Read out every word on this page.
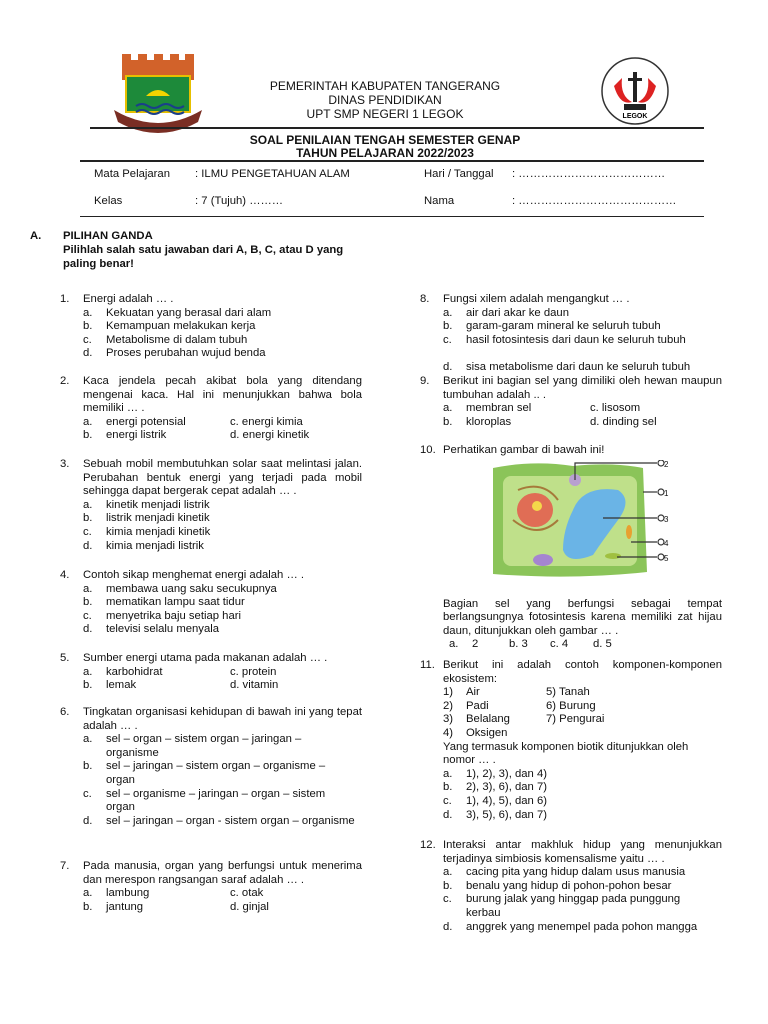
LEGOK
PEMERINTAH KABUPATEN TANGERANG
DINAS PENDIDIKAN
UPT SMP NEGERI 1 LEGOK
SOAL PENILAIAN TENGAH SEMESTER GENAP
TAHUN PELAJARAN 2022/2023
Mata Pelajaran : ILMU PENGETAHUAN ALAM	Hari / Tanggal : …………………………………
Kelas	: 7 (Tujuh) ………	Nama	: ……………………………………
A. PILIHAN GANDA
Pilihlah salah satu jawaban dari A, B, C, atau D yang paling benar!
1. Energi adalah … .
a. Kekuatan yang berasal dari alam
b. Kemampuan melakukan kerja
c. Metabolisme di dalam tubuh
d. Proses perubahan wujud benda
2. Kaca jendela pecah akibat bola yang ditendang mengenai kaca. Hal ini menunjukkan bahwa bola memiliki … .
a. energi potensial	c. energi kimia
b. energi listrik	d. energi kinetik
3. Sebuah mobil membutuhkan solar saat melintasi jalan. Perubahan bentuk energi yang terjadi pada mobil sehingga dapat bergerak cepat adalah … .
a. kinetik menjadi listrik
b. listrik menjadi kinetik
c. kimia menjadi kinetik
d. kimia menjadi listrik
4. Contoh sikap menghemat energi adalah … .
a. membawa uang saku secukupnya
b. mematikan lampu saat tidur
c. menyetrika baju setiap hari
d. televisi selalu menyala
5. Sumber energi utama pada makanan adalah … .
a. karbohidrat	c. protein
b. lemak	d. vitamin
6. Tingkatan organisasi kehidupan di bawah ini yang tepat adalah … .
a. sel – organ – sistem organ – jaringan – organisme
b. sel – jaringan – sistem organ – organisme – organ
c. sel – organisme – jaringan – organ – sistem organ
d. sel – jaringan – organ - sistem organ – organisme
7. Pada manusia, organ yang berfungsi untuk menerima dan merespon rangsangan saraf adalah … .
a. lambung	c. otak
b. jantung	d. ginjal
8. Fungsi xilem adalah mengangkut … .
a. air dari akar ke daun
b. garam-garam mineral ke seluruh tubuh
c. hasil fotosintesis dari daun ke seluruh tubuh
d. sisa metabolisme dari daun ke seluruh tubuh
9. Berikut ini bagian sel yang dimiliki oleh hewan maupun tumbuhan adalah .. .
a. membran sel	c. lisosom
b. kloroplas	d. dinding sel
10. Perhatikan gambar di bawah ini!
2
1
3
4
5
Bagian sel yang berfungsi sebagai tempat berlangsungnya fotosintesis karena memiliki zat hijau daun, ditunjukkan oleh gambar … .
a. 2	b. 3 c. 4 d. 5
11. Berikut ini adalah contoh komponen-komponen ekosistem:
1) Air	5) Tanah
2) Padi	6) Burung
3) Belalang	7) Pengurai
4) Oksigen
Yang termasuk komponen biotik ditunjukkan oleh nomor … .
a. 1), 2), 3), dan 4)
b. 2), 3), 6), dan 7)
c. 1), 4), 5), dan 6)
d. 3), 5), 6), dan 7)
12. Interaksi antar makhluk hidup yang menunjukkan terjadinya simbiosis komensalisme yaitu … .
a. cacing pita yang hidup dalam usus manusia
b. benalu yang hidup di pohon-pohon besar
c. burung jalak yang hinggap pada punggung kerbau
d. anggrek yang menempel pada pohon mangga
